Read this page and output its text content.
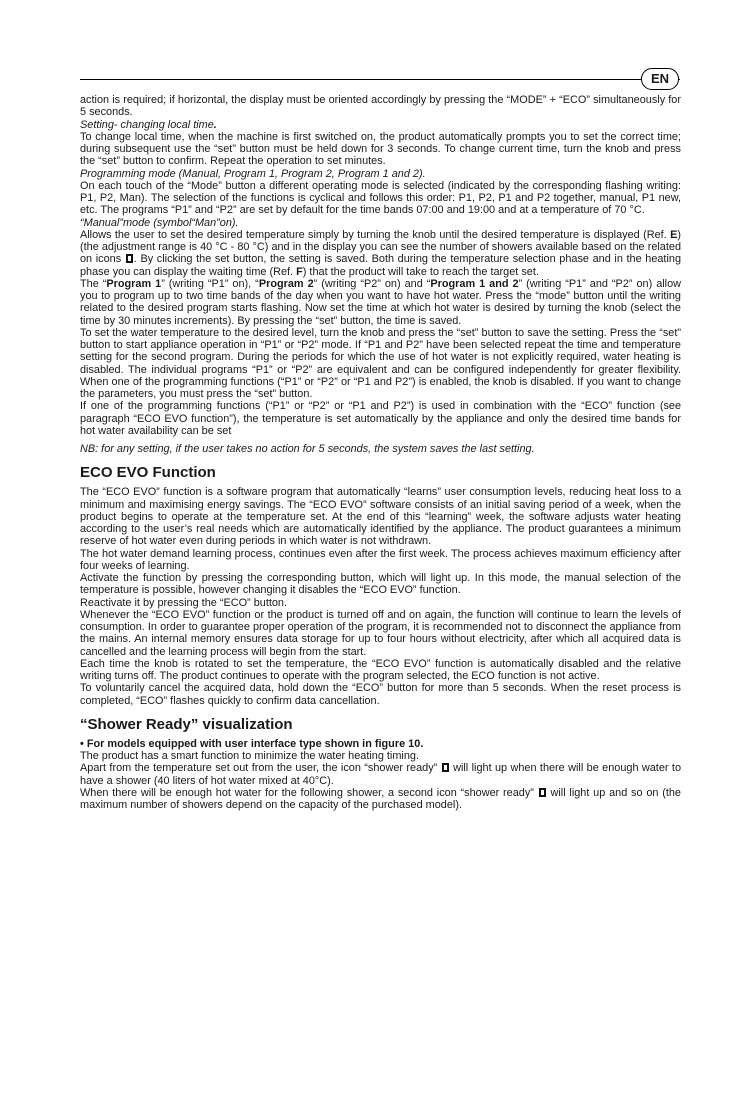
EN

action is required; if horizontal, the display must be oriented accordingly by pressing the “MODE” + “ECO” simultaneously for 5 seconds.

Setting- changing local time.

To change local time, when the machine is first switched on, the product automatically prompts you to set the correct time; during subsequent use the “set” button must be held down for 3 seconds. To change current time, turn the knob and press the “set” button to confirm. Repeat the operation to set minutes.

Programming mode (Manual, Program 1, Program 2, Program 1 and 2).

On each touch of the “Mode” button a different operating mode is selected (indicated by the corresponding flashing writing: P1, P2, Man). The selection of the functions is cyclical and follows this order: P1, P2, P1 and P2 together, manual, P1 new, etc. The programs “P1” and “P2” are set by default for the time bands 07:00 and 19:00 and at a temperature of 70 °C.

“Manual”mode (symbol“Man”on).

Allows the user to set the desired temperature simply by turning the knob until the desired temperature is displayed (Ref. E) (the adjustment range is 40 °C - 80 °C) and in the display you can see the number of showers available based on the related on icons . By clicking the set button, the setting is saved. Both during the temperature selection phase and in the heating phase you can display the waiting time (Ref. F) that the product will take to reach the target set.

The “Program 1” (writing “P1” on), “Program 2” (writing “P2” on) and “Program 1 and 2” (writing “P1” and “P2” on) allow you to program up to two time bands of the day when you want to have hot water. Press the “mode” button until the writing related to the desired program starts flashing. Now set the time at which hot water is desired by turning the knob (select the time by 30 minutes increments). By pressing the “set” button, the time is saved.

To set the water temperature to the desired level, turn the knob and press the “set” button to save the setting. Press the “set” button to start appliance operation in “P1” or “P2” mode. If “P1 and P2” have been selected repeat the time and temperature setting for the second program. During the periods for which the use of hot water is not explicitly required, water heating is disabled. The individual programs “P1” or “P2” are equivalent and can be configured independently for greater flexibility. When one of the programming functions (“P1” or “P2” or “P1 and P2”) is enabled, the knob is disabled. If you want to change the parameters, you must press the “set” button.

If one of the programming functions (“P1” or “P2” or “P1 and P2”) is used in combination with the “ECO” function (see paragraph “ECO EVO function”), the temperature is set automatically by the appliance and only the desired time bands for hot water availability can be set

NB: for any setting, if the user takes no action for 5 seconds, the system saves the last setting.

ECO EVO Function

The “ECO EVO” function is a software program that automatically “learns” user consumption levels, reducing heat loss to a minimum and maximising energy savings. The “ECO EVO” software consists of an initial saving period of a week, when the product begins to operate at the temperature set. At the end of this “learning” week, the software adjusts water heating according to the user’s real needs which are automatically identified by the appliance. The product guarantees a minimum reserve of hot water even during periods in which water is not withdrawn.

The hot water demand learning process, continues even after the first week. The process achieves maximum efficiency after four weeks of learning.

Activate the function by pressing the corresponding button, which will light up. In this mode, the manual selection of the temperature is possible, however changing it disables the “ECO EVO” function.

Reactivate it by pressing the “ECO” button.

Whenever the “ECO EVO” function or the product is turned off and on again, the function will continue to learn the levels of consumption. In order to guarantee proper operation of the program, it is recommended not to disconnect the appliance from the mains. An internal memory ensures data storage for up to four hours without electricity, after which all acquired data is cancelled and the learning process will begin from the start.

Each time the knob is rotated to set the temperature, the “ECO EVO” function is automatically disabled and the relative writing turns off. The product continues to operate with the program selected, the ECO function is not active.

To voluntarily cancel the acquired data, hold down the “ECO” button for more than 5 seconds. When the reset process is completed, “ECO” flashes quickly to confirm data cancellation.

“Shower Ready” visualization

• For models equipped with user interface type shown in figure 10.

The product has a smart function to minimize the water heating timing.

Apart from the temperature set out from the user, the icon “shower ready”  will light up when there will be enough water to have a shower (40 liters of hot water mixed at 40°C).

When there will be enough hot water for the following shower, a second icon “shower ready”  will light up and so on (the maximum number of showers depend on the capacity of the purchased model).
